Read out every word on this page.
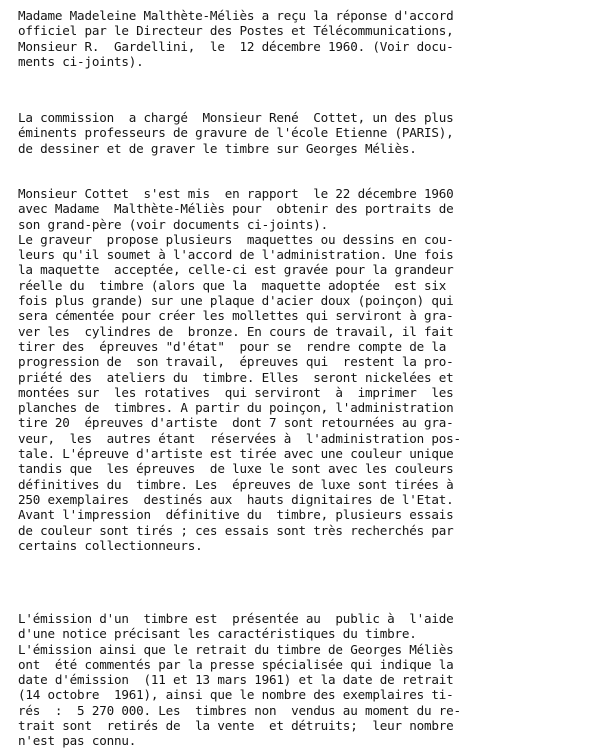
Madame Madeleine Malthète-Méliès a reçu la réponse d'accord
officiel par le Directeur des Postes et Télécommunications,
Monsieur R.  Gardellini,  le  12 décembre 1960. (Voir docu-
ments ci-joints).
La commission  a chargé  Monsieur René  Cottet, un des plus
éminents professeurs de gravure de l'école Etienne (PARIS),
de dessiner et de graver le timbre sur Georges Méliès.
Monsieur Cottet  s'est mis  en rapport  le 22 décembre 1960
avec Madame  Malthète-Méliès pour  obtenir des portraits de
son grand-père (voir documents ci-joints).
Le graveur  propose plusieurs  maquettes ou dessins en cou-
leurs qu'il soumet à l'accord de l'administration. Une fois
la maquette  acceptée, celle-ci est gravée pour la grandeur
réelle du  timbre (alors que la  maquette adoptée  est six
fois plus grande) sur une plaque d'acier doux (poinçon) qui
sera cémentée pour créer les mollettes qui serviront à gra-
ver les  cylindres de  bronze. En cours de travail, il fait
tirer des  épreuves "d'état"  pour se  rendre compte de la
progression de  son travail,  épreuves qui  restent la pro-
priété des  ateliers du  timbre. Elles  seront nickelées et
montées sur  les rotatives  qui serviront  à  imprimer  les
planches de  timbres. A partir du poinçon, l'administration
tire 20  épreuves d'artiste  dont 7 sont retournées au gra-
veur,  les  autres étant  réservées à  l'administration pos-
tale. L'épreuve d'artiste est tirée avec une couleur unique
tandis que  les épreuves  de luxe le sont avec les couleurs
définitives du  timbre. Les  épreuves de luxe sont tirées à
250 exemplaires  destinés aux  hauts dignitaires de l'Etat.
Avant l'impression  définitive du  timbre, plusieurs essais
de couleur sont tirés ; ces essais sont très recherchés par
certains collectionneurs.
L'émission d'un  timbre est  présentée au  public à  l'aide
d'une notice précisant les caractéristiques du timbre.
L'émission ainsi que le retrait du timbre de Georges Méliès
ont  été commentés par la presse spécialisée qui indique la
date d'émission  (11 et 13 mars 1961) et la date de retrait
(14 octobre  1961), ainsi que le nombre des exemplaires ti-
rés  :  5 270 000. Les  timbres non  vendus au moment du re-
trait sont  retirés de  la vente  et détruits;  leur nombre
n'est pas connu.
